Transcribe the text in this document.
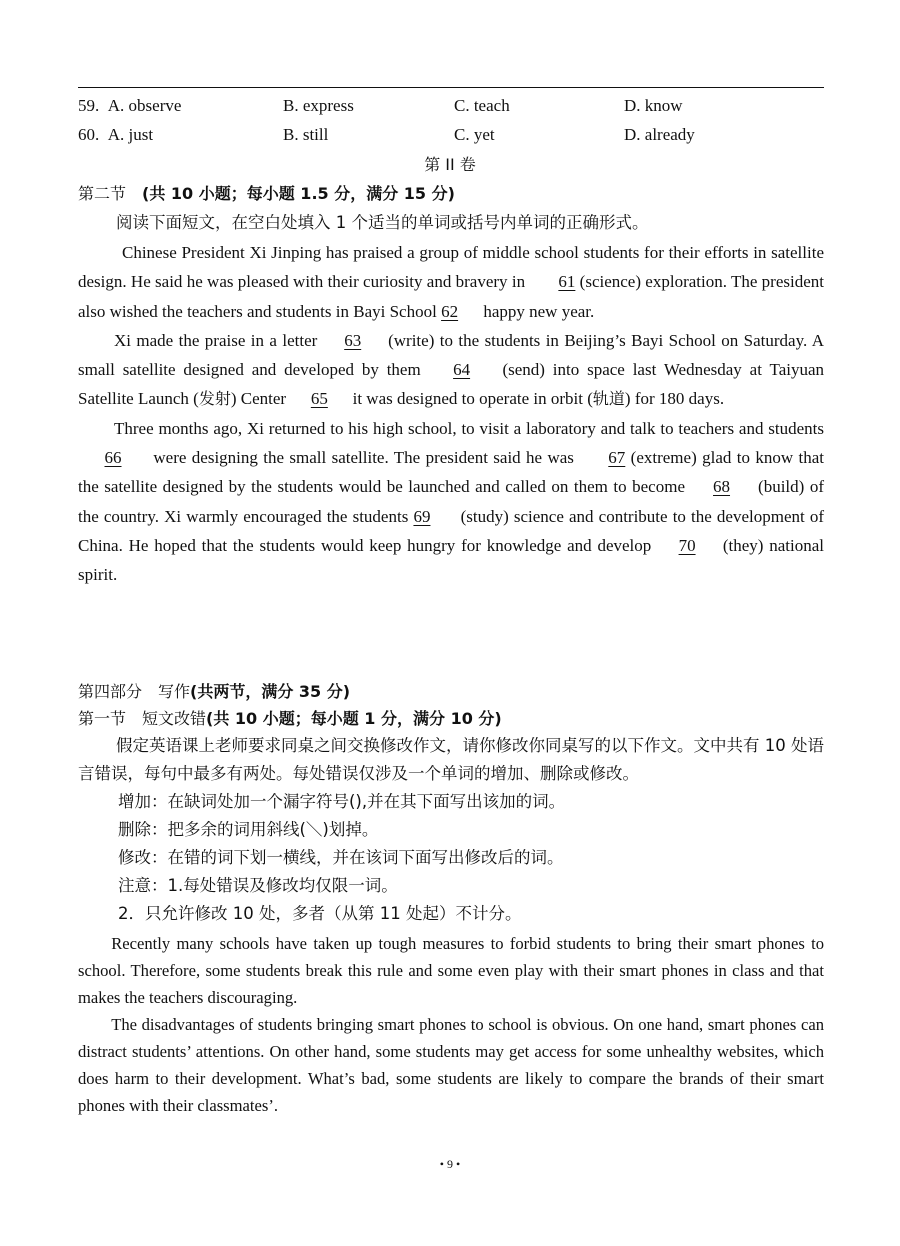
59. A. observe	B. express	C. teach	D. know
60. A. just	B. still	C. yet	D. already
第 II 卷
第二节　(共 10 小题；每小题 1.5 分，满分 15 分)

阅读下面短文，在空白处填入 1 个适当的单词或括号内单词的正确形式。

Chinese President Xi Jinping has praised a group of middle school students for their efforts in satellite design. He said he was pleased with their curiosity and bravery in 61 (science) exploration. The president also wished the teachers and students in Bayi School 62 happy new year.

Xi made the praise in a letter 63 (write) to the students in Beijing’s Bayi School on Saturday. A small satellite designed and developed by them 64 (send) into space last Wednesday at Taiyuan Satellite Launch (发射) Center 65 it was designed to operate in orbit (轨道) for 180 days.

Three months ago, Xi returned to his high school, to visit a laboratory and talk to teachers and students 66 were designing the small satellite. The president said he was 67 (extreme) glad to know that the satellite designed by the students would be launched and called on them to become 68 (build) of the country. Xi warmly encouraged the students 69 (study) science and contribute to the development of China. He hoped that the students would keep hungry for knowledge and develop 70 (they) national spirit.

第四部分　写作(共两节，满分 35 分)
第一节　短文改错(共 10 小题；每小题 1 分，满分 10 分)

假定英语课上老师要求同桌之间交换修改作文，请你修改你同桌写的以下作文。文中共有 10 处语言错误，每句中最多有两处。每处错误仅涉及一个单词的增加、删除或修改。

增加：在缺词处加一个漏字符号(),并在其下面写出该加的词。

删除：把多余的词用斜线(＼)划掉。

修改：在错的词下划一横线，并在该词下面写出修改后的词。

注意：1.每处错误及修改均仅限一词。

2．只允许修改 10 处，多者（从第 11 处起）不计分。

Recently many schools have taken up tough measures to forbid students to bring their smart phones to school. Therefore, some students break this rule and some even play with their smart phones in class and that makes the teachers discouraging.

The disadvantages of students bringing smart phones to school is obvious. On one hand, smart phones can distract students’ attentions. On other hand, some students may get access for some unhealthy websites, which does harm to their development. What’s bad, some students are likely to compare the brands of their smart phones with their classmates’.

• 9 •
